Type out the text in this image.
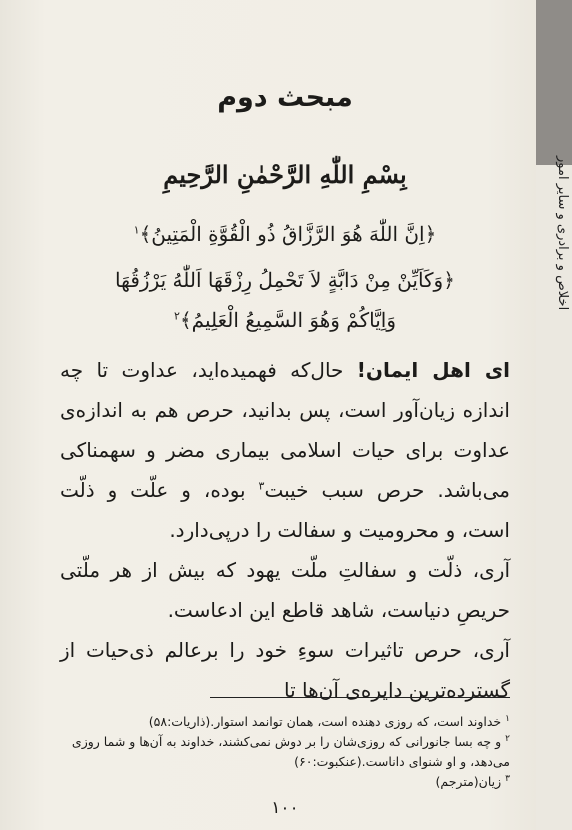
اخلاص و برادری و سایر امور
مبحث دوم
بِسْمِ اللّٰهِ الرَّحْمٰنِ الرَّحِيمِ
﴿اِنَّ اللّٰهَ هُوَ الرَّزَّاقُ ذُو الْقُوَّةِ الْمَتِينُ﴾$^١$
﴿وَكَاَيِّنْ مِنْ دَابَّةٍ لاَ تَحْمِلُ رِزْقَهَا اَللّٰهُ يَرْزُقُهَا
وَاِيَّاكُمْ وَهُوَ السَّمِيعُ الْعَلِيمُ﴾$^٢$

ای اهل ایمان! حال‌که فهمیده‌اید، عداوت تا چه اندازه زیان‌آور است، پس بدانید، حرص هم به اندازه‌ی عداوت برای حیات اسلامی بیماری مضر و سهمناکی می‌باشد. حرص سبب خیبت$^٣$ بوده، و علّت و ذلّت است، و محرومیت و سفالت را درپی‌دارد.

آری، ذلّت و سفالتِ ملّت یهود که بیش از هر ملّتی حریصِ دنیاست، شاهد قاطع این ادعاست.

آری، حرص تاثیرات سوءِ خود را برعالم ذی‌حیات از گسترده‌ترین دایره‌ی آن‌ها تا

$^١$ خداوند است، که روزی دهنده است، همان توانمد استوار.(ذاریات:۵۸)

$^٢$ و چه بسا جانورانی که روزی‌شان را بر دوش نمی‌کشند، خداوند به آن‌ها و شما روزی می‌دهد، و او شنوای داناست.(عنکبوت:۶۰)

$^٣$ زیان(مترجم)

١٠٠
